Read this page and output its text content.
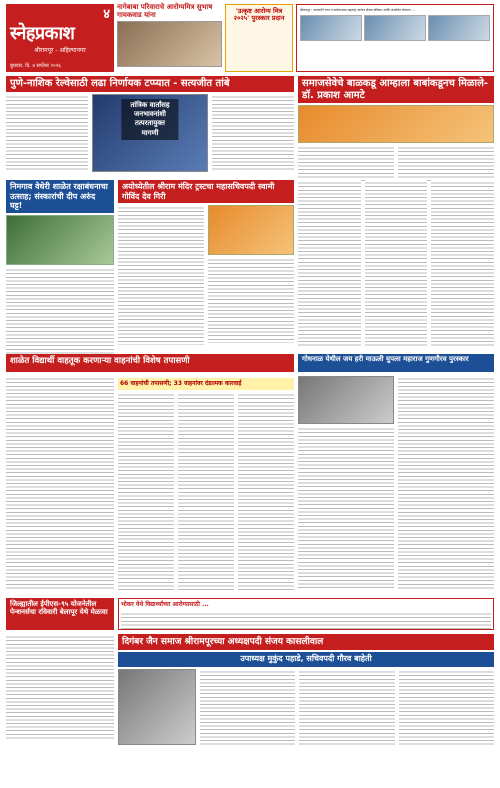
४
स्नेहप्रकाश
श्रीरामपूर - अहिल्यानगर
बुधवार, दि. ४ सप्टेंबर २०२६
नागेबाबा परिवाराचे आरोग्यमित्र सुभाष गायकवाड यांना	'उत्कृष्ट आरोग्य मित्र २०२५' पुरस्कार प्रदान
श्रीरामपूर : ततपरतेने रुग्ण व कर्मचाऱ्यास महाराष्ट्र आरोग्य सेवक प्रतिष्ठान आणि जनसेवेत योगदान ...
पुणे-नाशिक रेल्वेसाठी लढा निर्णायक टप्प्यात - सत्यजीत तांबे
तांत्रिक वार्तांसह जनभावनांशी तत्परतायुक्त मागणी
समाजसेवेचे बाळकडू आम्हाला बाबांकडूनच मिळाले- डॉ. प्रकाश आमटे
निमगाव वेधेरी शाळेत रक्षाबंधनाचा उत्साह; संस्कारांची दीप अरुंद घट्ट!
अयोध्येतील श्रीराम मंदिर ट्रस्टचा महासचिवपदी स्वामी गोविंद देव गिरी
शाळेत विद्यार्थी वाहतूक करणाऱ्या वाहनांची विशेष तपासणी	गोधनाळ येथील जय हरी माऊली युपला महाराज गुणगौरव पुरस्कार
66 वाहनांची तपासणी; 33 वाहनांवर दंडात्मक कारवाई
जिल्ह्यातील ईपीएस-९५ योजनेतील पेन्शनर्सचा रविवारी बेलापूर येथे मेळावा
भोकर येथे विद्यार्थ्यांच्या आरोग्यासाठी ...
दिगंबर जैन समाज श्रीरामपूरच्या अध्यक्षपदी संजय कासलीवाल
उपाध्यक्ष मुकुंद पहाडे, सचिवपदी गौरव बाहेती
